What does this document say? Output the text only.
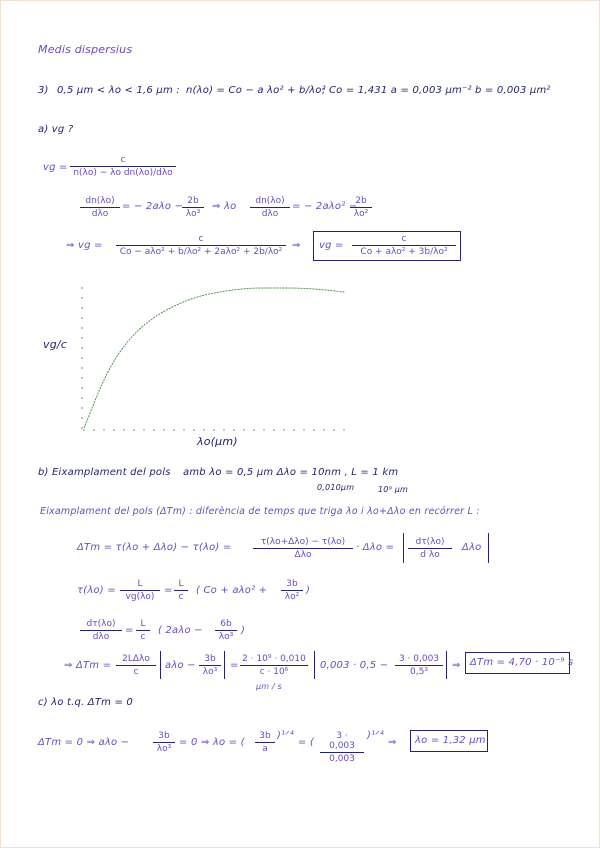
Medis dispersius
3) 0,5 μm < λo < 1,6 μm : n(λo) = Co − a λo² + b/λo²
; Co = 1,431 a = 0,003 μm⁻² b = 0,003 μm²
a) vg ?
vg =
c
n(λo) − λo dn(λo)/dλo
dn(λo)
dλo
= − 2aλo −
$\frac{2b}{\text{λo³}}$ ⇒ λo	dn(λo)
dλo
= − 2aλo² −
$\frac{2b}{\text{λo²}}$
⇒ vg =
c
Co − aλo² + b/λo² + 2aλo² + 2b/λo²
⇒ vg =
c
Co + aλo² + 3b/λo²
vg/c
λo(μm)
b) Eixamplament del pols amb λo = 0,5 μm Δλo = 10nm , L = 1 km
0,010μm	10⁹ μm
Eixamplament del pols (ΔTm) : diferència de temps que triga λo i λo+Δλo en recórrer L :
ΔTm = τ(λo + Δλo) − τ(λo) =	τ(λo+Δλo) − τ(λo)
Δλo
· $\Delta\lambda o = \frac{d\tau(\lambda o)}{\text{d λo}}$ Δλo
$\tau(\lambda o) = \frac{L}{vg(\lambda o)} = \frac{L}{c}$ ( $Co + a\lambda o^2 + \frac{3b}{\text{λo²}}$ )
dτ(λo)
dλo
= $\frac{L}{c}$ ( $2a\lambda o - \frac{6b}{\text{λo³}}$ )
⇒ ΔTm =
2LΔλo
c
$a\lambda o - \frac{3b}{\text{λo³}} = \frac{\text{2 · 10⁹ · 0,010}}{\text{c · 10⁶}}$
μm / s
$0,003 \cdot 0,5 - \frac{3 \cdot 0,003}{\text{0,5³}}$ ⇒ ΔTm = 4,70 · 10⁻⁹ s
c) λo t.q. ΔTm = 0
ΔTm = 0 ⇒ aλo −	$\frac{3b}{\text{λo³}} = 0$ ⇒ λo = ( $\frac{3b}{a}$ )¹ᐟ⁴
= ( $\frac{3 \cdot 0,003}{0,003}$ )¹ᐟ⁴
⇒ λo = 1,32 μm
